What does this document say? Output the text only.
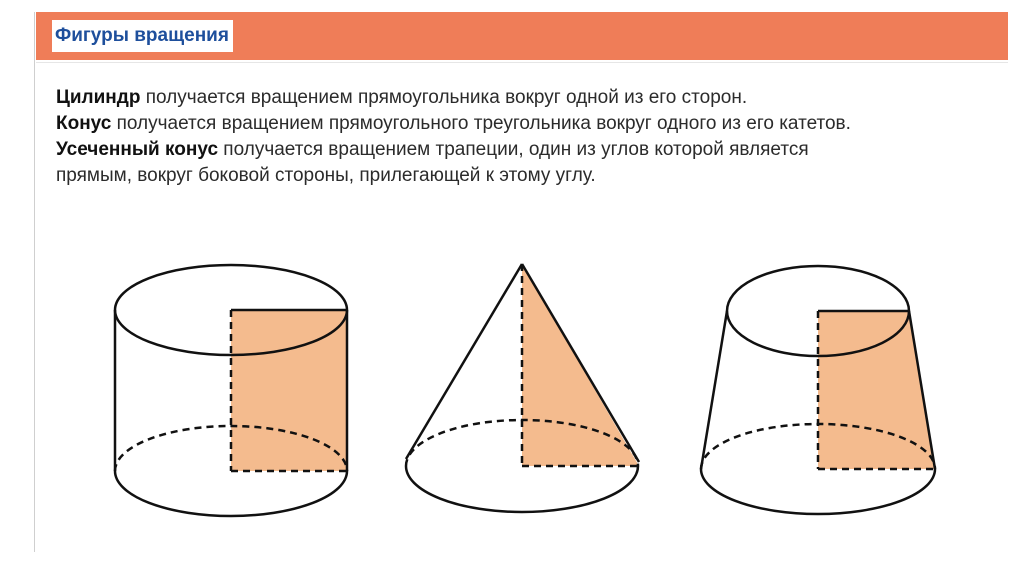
Фигуры вращения

Цилиндр получается вращением прямоугольника вокруг одной из его сторон.

Конус получается вращением прямоугольного треугольника вокруг одного из его катетов.

Усеченный конус получается вращением трапеции, один из углов которой является

прямым, вокруг боковой стороны, прилегающей к этому углу.
